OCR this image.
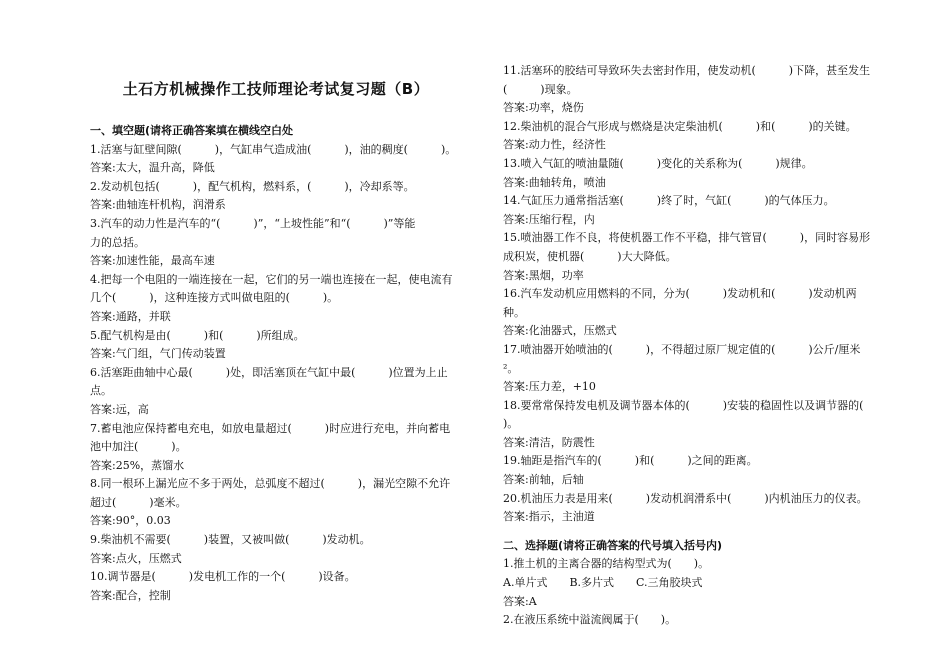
土石方机械操作工技师理论考试复习题（B）

一、填空题(请将正确答案填在横线空白处

1.活塞与缸壁间隙(　　　)，气缸串气造成油(　　　)，油的稠度(　　　)。

答案:太大，温升高，降低

2.发动机包括(　　　)，配气机构，燃料系，(　　　)，冷却系等。

答案:曲轴连杆机构，润滑系

3.汽车的动力性是汽车的“(　　　)”，“上坡性能”和“(　　　)”等能

力的总括。

答案:加速性能，最高车速

4.把每一个电阻的一端连接在一起，它们的另一端也连接在一起，使电流有

几个(　　　)，这种连接方式叫做电阻的(　　　)。

答案:通路，并联

5.配气机构是由(　　　)和(　　　)所组成。

答案:气门组，气门传动装置

6.活塞距曲轴中心最(　　　)处，即活塞顶在气缸中最(　　　)位置为上止

点。

答案:远，高

7.蓄电池应保持蓄电充电，如放电量超过(　　　)时应进行充电，并向蓄电

池中加注(　　　)。

答案:25%，蒸馏水

8.同一根环上漏光应不多于两处，总弧度不超过(　　　)，漏光空隙不允许

超过(　　　)毫米。

答案:90°，0.03

9.柴油机不需要(　　　)装置，又被叫做(　　　)发动机。

答案:点火，压燃式

10.调节器是(　　　)发电机工作的一个(　　　)设备。

答案:配合，控制

11.活塞环的胶结可导致环失去密封作用，使发动机(　　　)下降，甚至发生

(　　　)现象。

答案:功率，烧伤

12.柴油机的混合气形成与燃烧是决定柴油机(　　　)和(　　　)的关键。

答案:动力性，经济性

13.喷入气缸的喷油量随(　　　)变化的关系称为(　　　)规律。

答案:曲轴转角，喷油

14.气缸压力通常指活塞(　　　)终了时，气缸(　　　)的气体压力。

答案:压缩行程，内

15.喷油器工作不良，将使机器工作不平稳，排气管冒(　　　)，同时容易形

成积炭，使机器(　　　)大大降低。

答案:黑烟，功率

16.汽车发动机应用燃料的不同，分为(　　　)发动机和(　　　)发动机两种。

答案:化油器式，压燃式

17.喷油器开始喷油的(　　　)，不得超过原厂规定值的(　　　)公斤/厘米²。

答案:压力差，+10

18.要常常保持发电机及调节器本体的(　　　)安装的稳固性以及调节器的(

)。

答案:清洁，防震性

19.轴距是指汽车的(　　　)和(　　　)之间的距离。

答案:前轴，后轴

20.机油压力表是用来(　　　)发动机润滑系中(　　　)内机油压力的仪表。

答案:指示，主油道

二、选择题(请将正确答案的代号填入括号内)

1.推土机的主离合器的结构型式为(　　)。

A.单片式　　B.多片式　　C.三角胶块式

答案:A

2.在液压系统中溢流阀属于(　　)。
